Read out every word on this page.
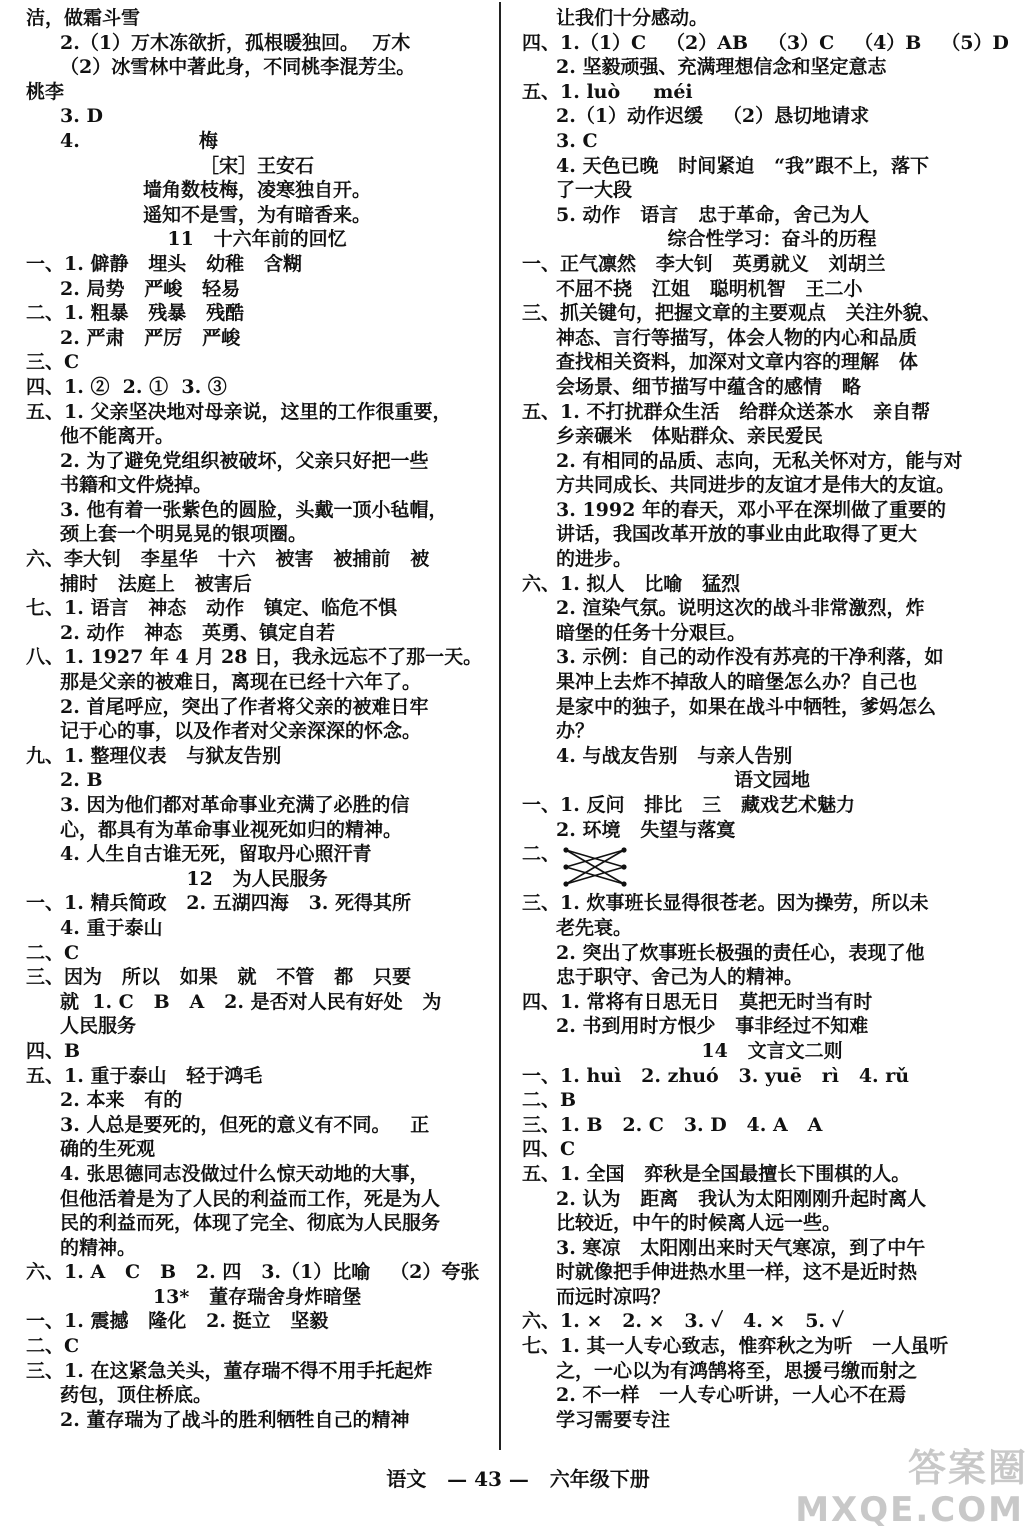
洁，做霜斗雪
2.（1）万木冻欲折，孤根暖独回。  万木
（2）冰雪林中著此身，不同桃李混芳尘。
桃李
3. D
4.                  梅
［宋］王安石
墙角数枝梅，凌寒独自开。
遥知不是雪，为有暗香来。
11   十六年前的回忆
一、1. 僻静   埋头   幼稚   含糊
2. 局势   严峻   轻易
二、1. 粗暴   残暴   残酷
2. 严肃   严厉   严峻
三、C
四、1. ②  2. ①  3. ③
五、1. 父亲坚决地对母亲说，这里的工作很重要，
他不能离开。
2. 为了避免党组织被破坏，父亲只好把一些
书籍和文件烧掉。
3. 他有着一张紫色的圆脸，头戴一顶小毡帽，
颈上套一个明晃晃的银项圈。
六、李大钊   李星华   十六   被害   被捕前   被
捕时   法庭上   被害后
七、1. 语言   神态   动作   镇定、临危不惧
2. 动作   神态   英勇、镇定自若
八、1. 1927 年 4 月 28 日，我永远忘不了那一天。
那是父亲的被难日，离现在已经十六年了。
2. 首尾呼应，突出了作者将父亲的被难日牢
记于心的事，以及作者对父亲深深的怀念。
九、1. 整理仪表   与狱友告别
2. B
3. 因为他们都对革命事业充满了必胜的信
心，都具有为革命事业视死如归的精神。
4. 人生自古谁无死，留取丹心照汗青
12   为人民服务
一、1. 精兵简政   2. 五湖四海   3. 死得其所
4. 重于泰山
二、C
三、因为   所以   如果   就   不管   都   只要
就  1. C   B   A   2. 是否对人民有好处   为
人民服务
四、B
五、1. 重于泰山   轻于鸿毛
2. 本来   有的
3. 人总是要死的，但死的意义有不同。   正
确的生死观
4. 张思德同志没做过什么惊天动地的大事，
但他活着是为了人民的利益而工作，死是为人
民的利益而死，体现了完全、彻底为人民服务
的精神。
六、1. A   C   B   2. 四   3.（1）比喻   （2）夸张
13*   董存瑞舍身炸暗堡
一、1. 震撼   隆化   2. 挺立   坚毅
二、C
三、1. 在这紧急关头，董存瑞不得不用手托起炸
药包，顶住桥底。
2. 董存瑞为了战斗的胜利牺牲自己的精神
让我们十分感动。
四、1.（1）C   （2）AB   （3）C   （4）B   （5）D
2. 坚毅顽强、充满理想信念和坚定意志
五、1. luò     méi
2.（1）动作迟缓   （2）恳切地请求
3. C
4. 天色已晚   时间紧迫   “我”跟不上，落下
了一大段
5. 动作   语言   忠于革命，舍己为人
综合性学习：奋斗的历程
一、正气凛然   李大钊   英勇就义   刘胡兰
不屈不挠   江姐   聪明机智   王二小
三、抓关键句，把握文章的主要观点   关注外貌、
神态、言行等描写，体会人物的内心和品质
查找相关资料，加深对文章内容的理解   体
会场景、细节描写中蕴含的感情   略
五、1. 不打扰群众生活   给群众送茶水   亲自帮
乡亲碾米   体贴群众、亲民爱民
2. 有相同的品质、志向，无私关怀对方，能与对
方共同成长、共同进步的友谊才是伟大的友谊。
3. 1992 年的春天，邓小平在深圳做了重要的
讲话，我国改革开放的事业由此取得了更大
的进步。
六、1. 拟人   比喻   猛烈
2. 渲染气氛。说明这次的战斗非常激烈，炸
暗堡的任务十分艰巨。
3. 示例：自己的动作没有苏亮的干净利落，如
果冲上去炸不掉敌人的暗堡怎么办？自己也
是家中的独子，如果在战斗中牺牲，爹妈怎么
办？
4. 与战友告别   与亲人告别
语文园地
一、1. 反问   排比   三   藏戏艺术魅力
2. 环境   失望与落寞
二、
三、1. 炊事班长显得很苍老。因为操劳，所以未
老先衰。
2. 突出了炊事班长极强的责任心，表现了他
忠于职守、舍己为人的精神。
四、1. 常将有日思无日   莫把无时当有时
2. 书到用时方恨少   事非经过不知难
14   文言文二则
一、1. huì   2. zhuó   3. yuē   rì   4. rǔ
二、B
三、1. B   2. C   3. D   4. A   A
四、C
五、1. 全国   弈秋是全国最擅长下围棋的人。
2. 认为   距离   我认为太阳刚刚升起时离人
比较近，中午的时候离人远一些。
3. 寒凉   太阳刚出来时天气寒凉，到了中午
时就像把手伸进热水里一样，这不是近时热
而远时凉吗？
六、1. ×   2. ×   3. ✓   4. ×   5. ✓
七、1. 其一人专心致志，惟弈秋之为听   一人虽听
之，一心以为有鸿鹄将至，思援弓缴而射之
2. 不一样   一人专心听讲，一人心不在焉
学习需要专注
语文   — 43 —   六年级下册	答案圈
MXQE.COM
